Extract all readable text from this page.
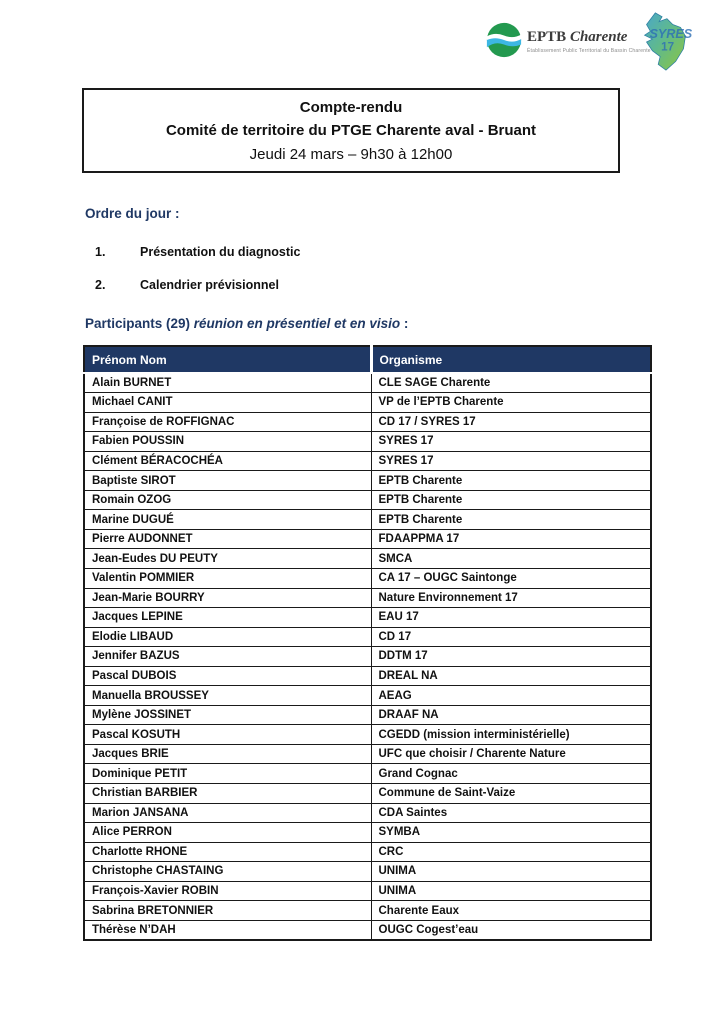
EPTB Charente
Établissement Public Territorial du Bassin Charente
SYRES
17
Compte-rendu
Comité de territoire du PTGE Charente aval - Bruant
Jeudi 24 mars – 9h30 à 12h00
Ordre du jour :
1.	Présentation du diagnostic
2.	Calendrier prévisionnel
Participants (29) réunion en présentiel et en visio :
Prénom Nom	Organisme
Alain BURNET	CLE SAGE Charente
Michael CANIT	VP de l’EPTB Charente
Françoise de ROFFIGNAC	CD 17 / SYRES 17
Fabien POUSSIN	SYRES 17
Clément BÉRACOCHÉA	SYRES 17
Baptiste SIROT	EPTB Charente
Romain OZOG	EPTB Charente
Marine DUGUÉ	EPTB Charente
Pierre AUDONNET	FDAAPPMA 17
Jean-Eudes DU PEUTY	SMCA
Valentin POMMIER	CA 17 – OUGC Saintonge
Jean-Marie BOURRY	Nature Environnement 17
Jacques LEPINE	EAU 17
Elodie LIBAUD	CD 17
Jennifer BAZUS	DDTM 17
Pascal DUBOIS	DREAL NA
Manuella BROUSSEY	AEAG
Mylène JOSSINET	DRAAF NA
Pascal KOSUTH	CGEDD (mission interministérielle)
Jacques BRIE	UFC que choisir / Charente Nature
Dominique PETIT	Grand Cognac
Christian BARBIER	Commune de Saint-Vaize
Marion JANSANA	CDA Saintes
Alice PERRON	SYMBA
Charlotte RHONE	CRC
Christophe CHASTAING	UNIMA
François-Xavier ROBIN	UNIMA
Sabrina BRETONNIER	Charente Eaux
Thérèse N’DAH	OUGC Cogest’eau
